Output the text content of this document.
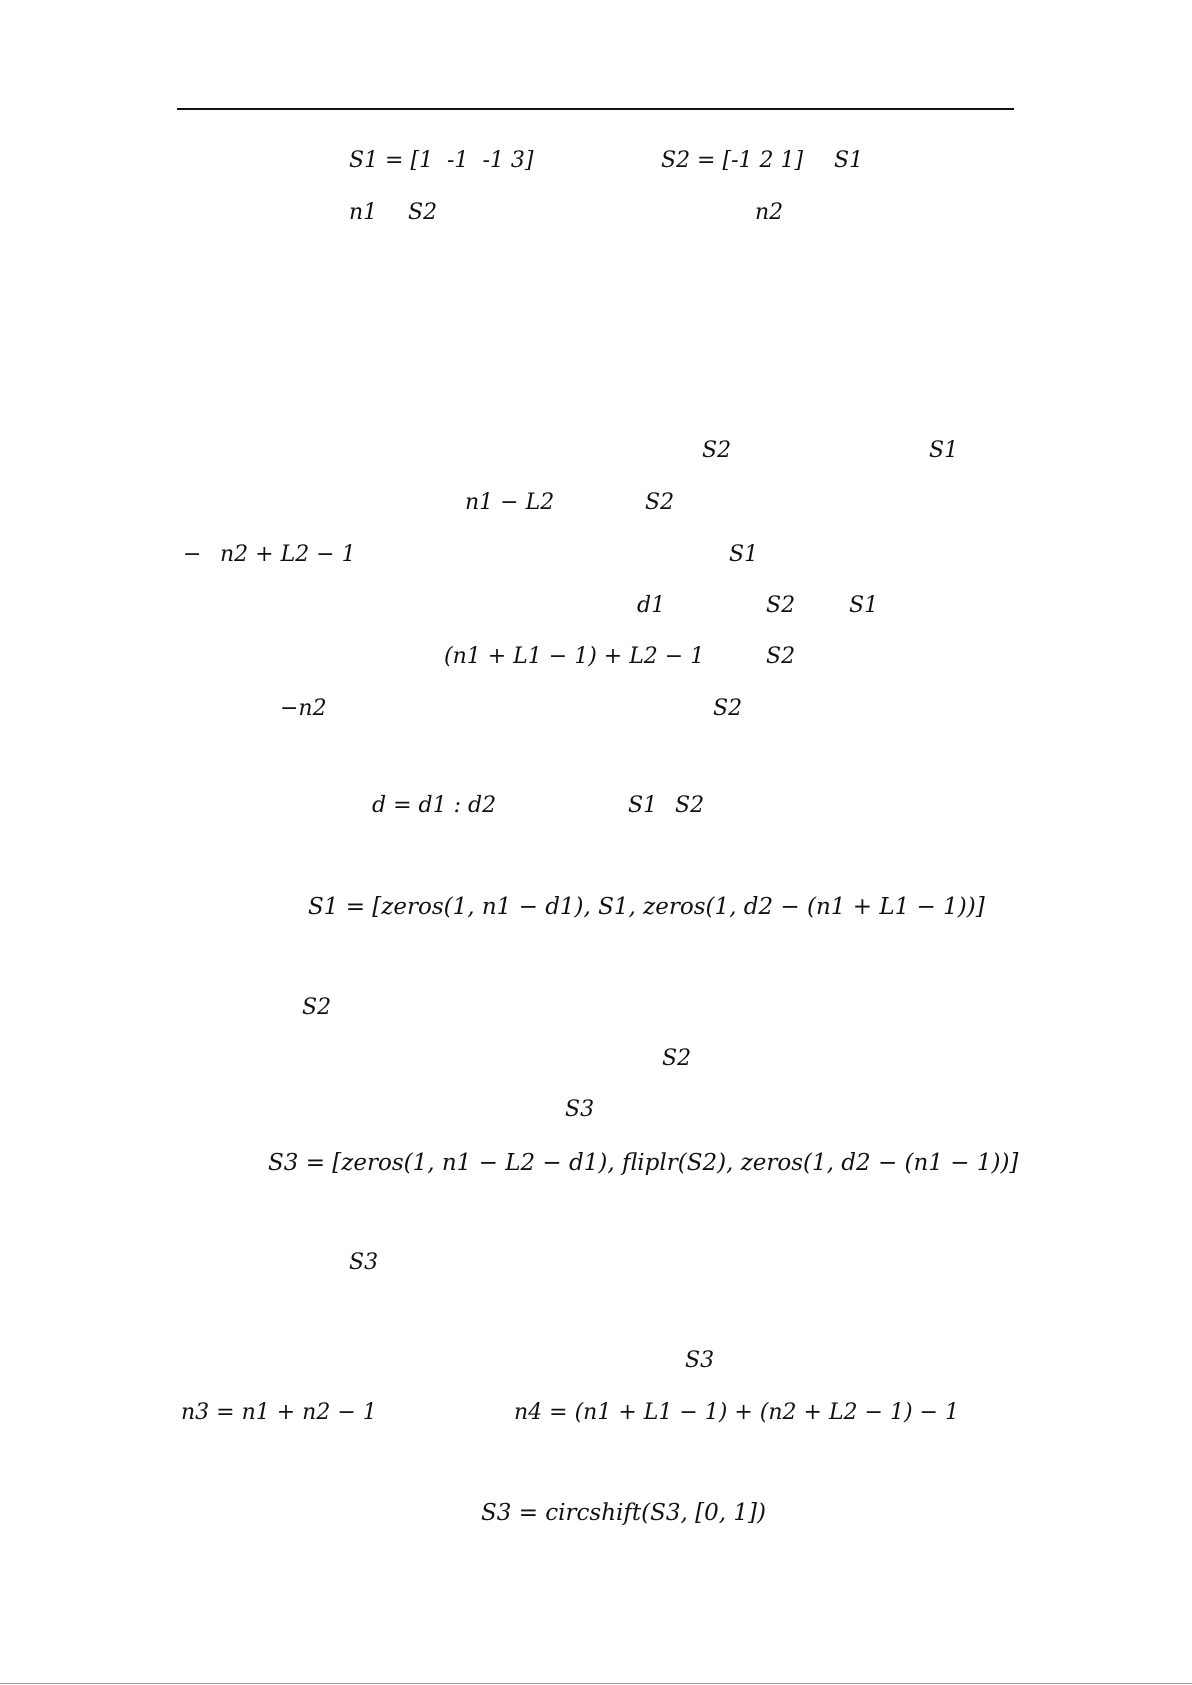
S1 = [1  -1  -1 3]	S2 = [-1 2 1] S1
n1 S2	n2
S2	S1
n1 − L2	S2
− n2 + L2 − 1	S1
d1	S2 S1
(n1 + L1 − 1) + L2 − 1	S2
−n2	S2
d = d1 : d2	S1 S2
S1 = [zeros(1, n1 − d1), S1, zeros(1, d2 − (n1 + L1 − 1))]
S2
S2
S3
S3 = [zeros(1, n1 − L2 − d1), fliplr(S2), zeros(1, d2 − (n1 − 1))]
S3
S3
n3 = n1 + n2 − 1	n4 = (n1 + L1 − 1) + (n2 + L2 − 1) − 1
S3 = circshift(S3, [0, 1])
